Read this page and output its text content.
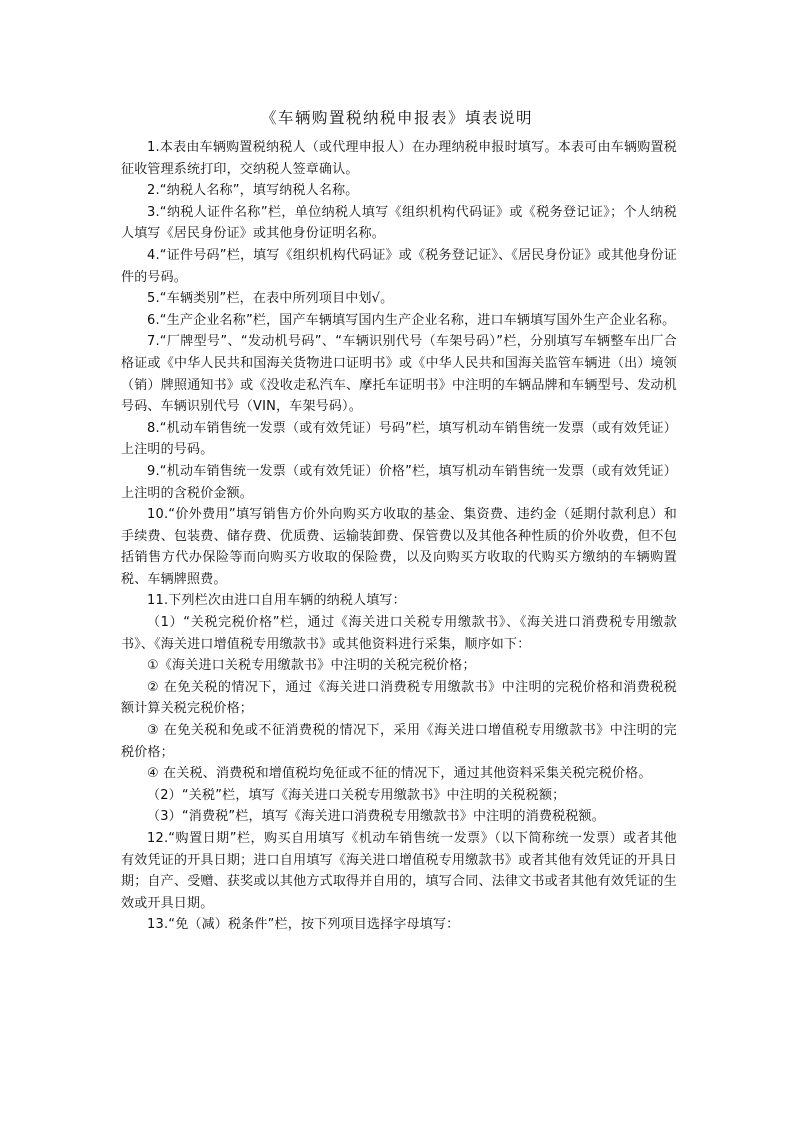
《车辆购置税纳税申报表》填表说明

1.本表由车辆购置税纳税人（或代理申报人）在办理纳税申报时填写。本表可由车辆购置税征收管理系统打印，交纳税人签章确认。

2.“纳税人名称”，填写纳税人名称。

3.“纳税人证件名称”栏，单位纳税人填写《组织机构代码证》或《税务登记证》；个人纳税人填写《居民身份证》或其他身份证明名称。

4.“证件号码”栏，填写《组织机构代码证》或《税务登记证》、《居民身份证》或其他身份证件的号码。

5.“车辆类别”栏，在表中所列项目中划√。

6.“生产企业名称”栏，国产车辆填写国内生产企业名称，进口车辆填写国外生产企业名称。

7.“厂牌型号”、“发动机号码”、“车辆识别代号（车架号码）”栏，分别填写车辆整车出厂合格证或《中华人民共和国海关货物进口证明书》或《中华人民共和国海关监管车辆进（出）境领（销）牌照通知书》或《没收走私汽车、摩托车证明书》中注明的车辆品牌和车辆型号、发动机号码、车辆识别代号（VIN，车架号码）。

8.“机动车销售统一发票（或有效凭证）号码”栏，填写机动车销售统一发票（或有效凭证）上注明的号码。

9.“机动车销售统一发票（或有效凭证）价格”栏，填写机动车销售统一发票（或有效凭证）上注明的含税价金额。

10.“价外费用”填写销售方价外向购买方收取的基金、集资费、违约金（延期付款利息）和手续费、包装费、储存费、优质费、运输装卸费、保管费以及其他各种性质的价外收费，但不包括销售方代办保险等而向购买方收取的保险费，以及向购买方收取的代购买方缴纳的车辆购置税、车辆牌照费。

11.下列栏次由进口自用车辆的纳税人填写：

（1）“关税完税价格”栏，通过《海关进口关税专用缴款书》、《海关进口消费税专用缴款书》、《海关进口增值税专用缴款书》或其他资料进行采集，顺序如下：

①《海关进口关税专用缴款书》中注明的关税完税价格；

② 在免关税的情况下，通过《海关进口消费税专用缴款书》中注明的完税价格和消费税税额计算关税完税价格；

③ 在免关税和免或不征消费税的情况下，采用《海关进口增值税专用缴款书》中注明的完税价格；

④ 在关税、消费税和增值税均免征或不征的情况下，通过其他资料采集关税完税价格。

（2）“关税”栏，填写《海关进口关税专用缴款书》中注明的关税税额；

（3）“消费税”栏，填写《海关进口消费税专用缴款书》中注明的消费税税额。

12.“购置日期”栏，购买自用填写《机动车销售统一发票》（以下简称统一发票）或者其他有效凭证的开具日期；进口自用填写《海关进口增值税专用缴款书》或者其他有效凭证的开具日期；自产、受赠、获奖或以其他方式取得并自用的，填写合同、法律文书或者其他有效凭证的生效或开具日期。

13.“免（减）税条件”栏，按下列项目选择字母填写：
